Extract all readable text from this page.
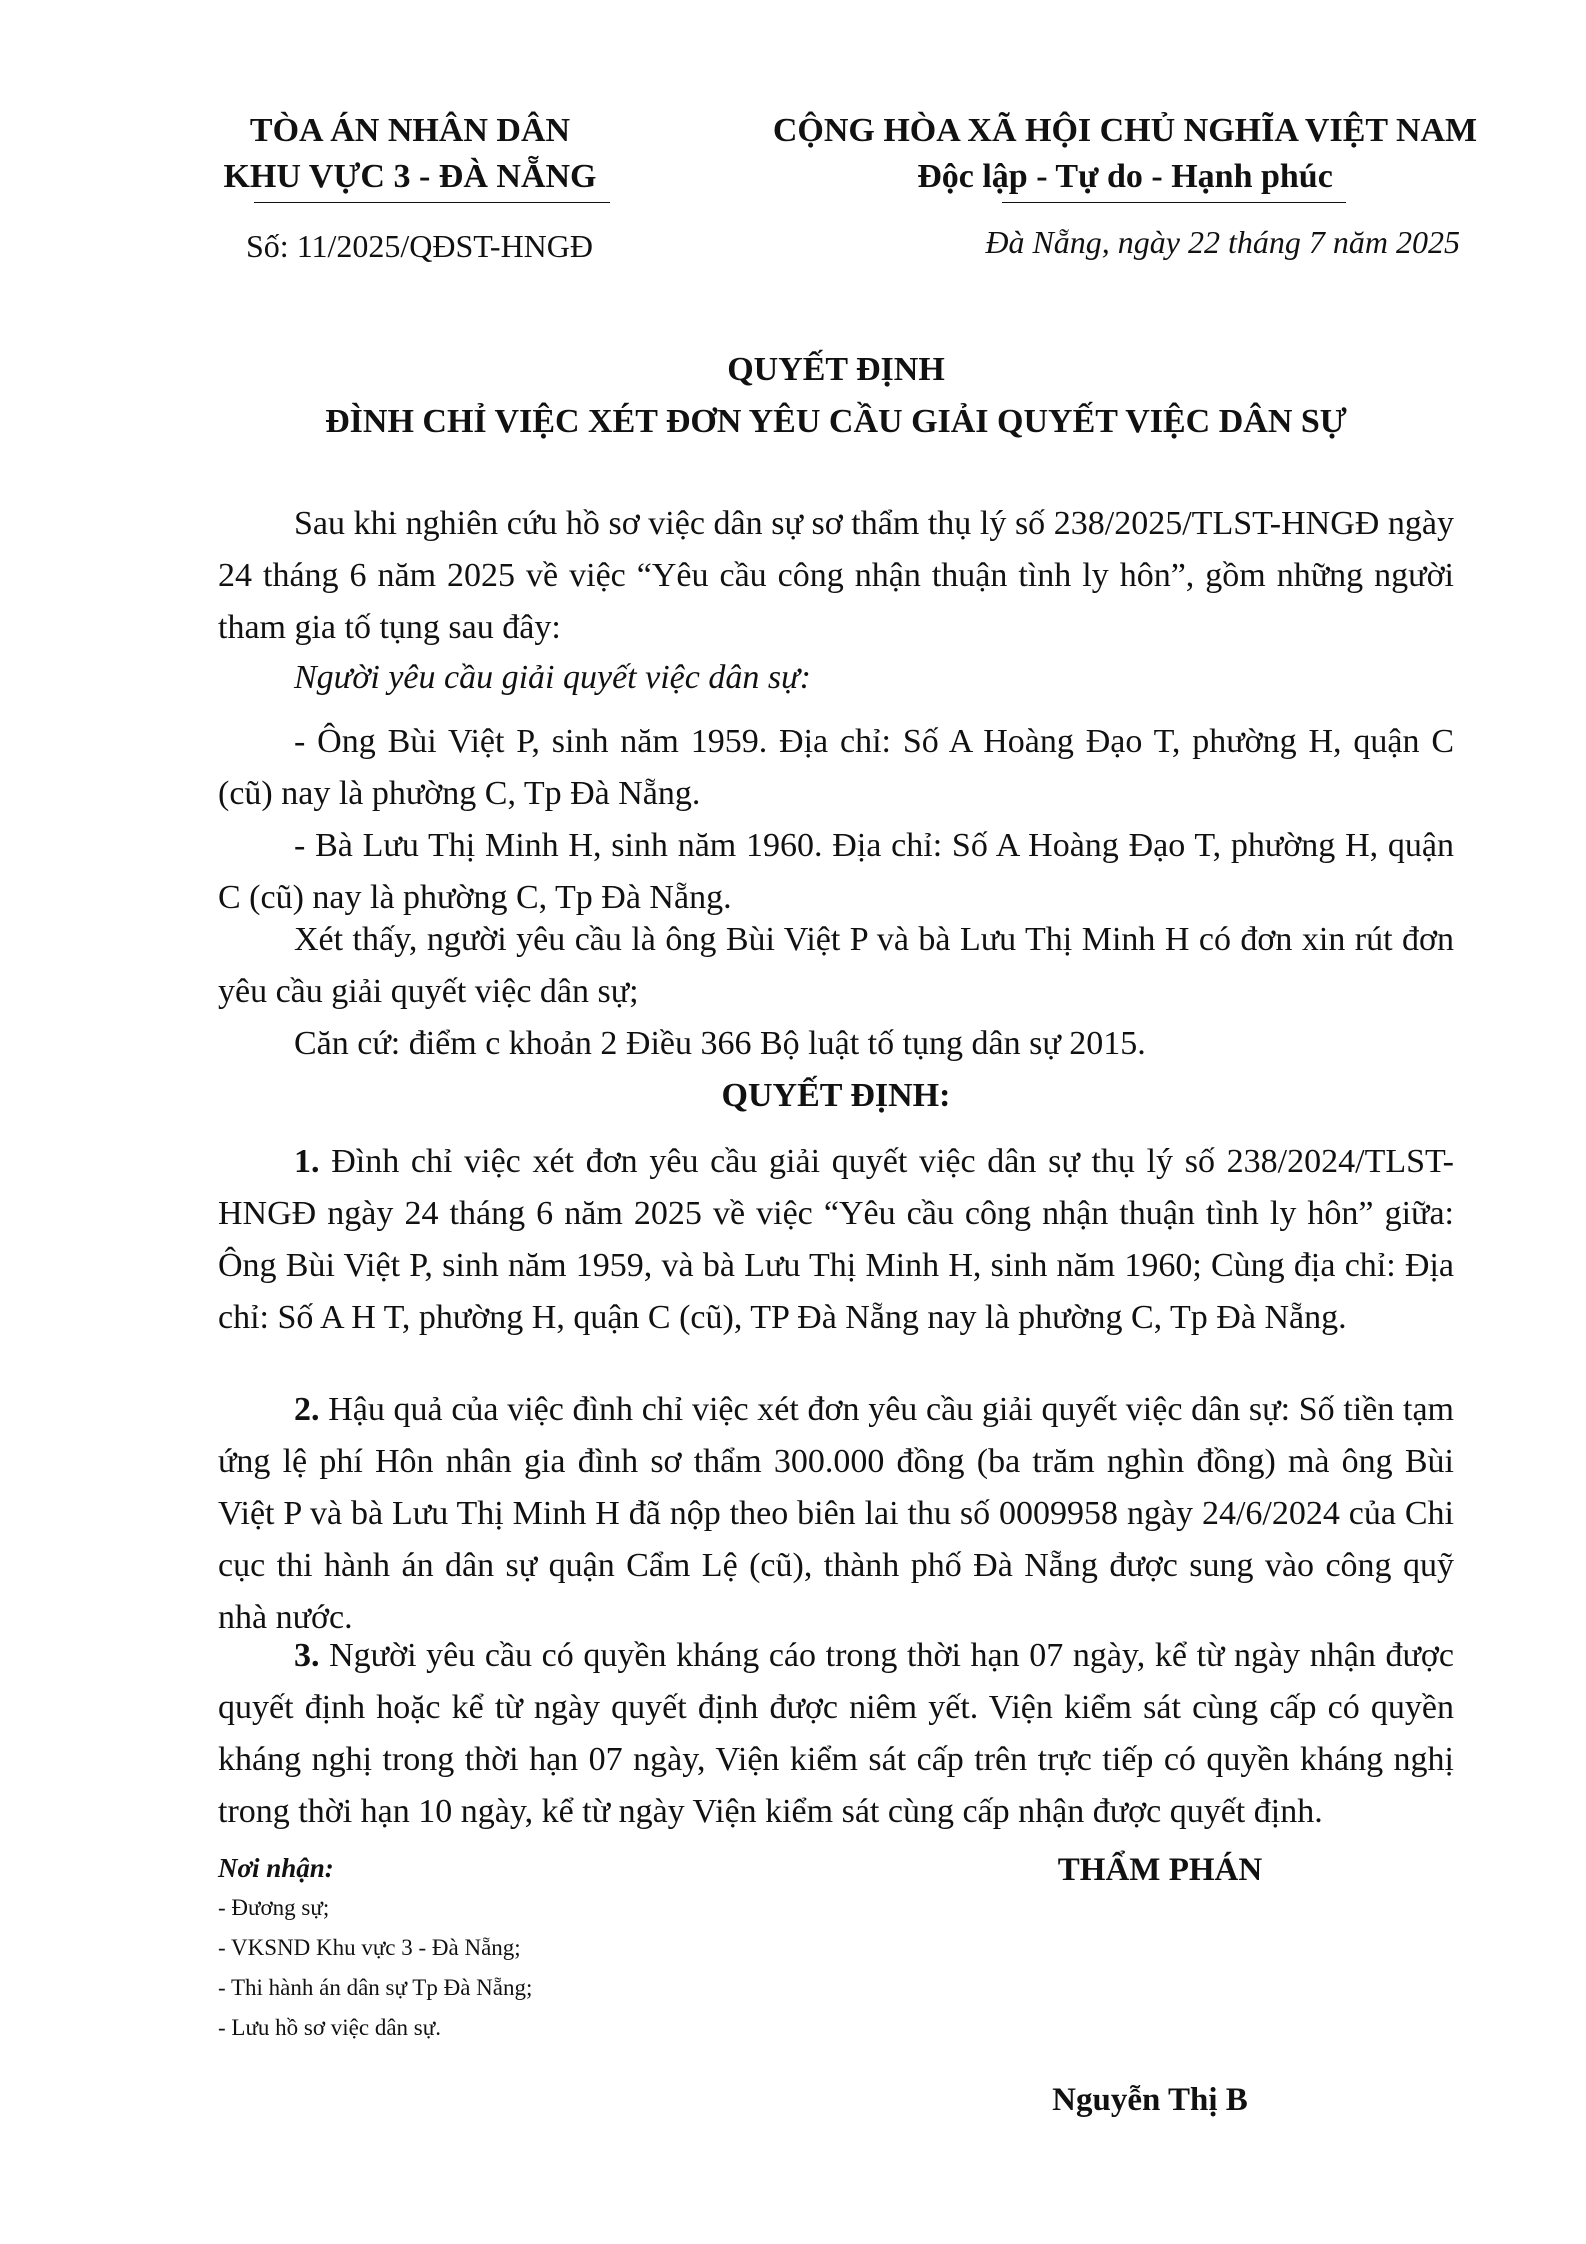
TÒA ÁN NHÂN DÂN
KHU VỰC 3 - ĐÀ NẴNG
CỘNG HÒA XÃ HỘI CHỦ NGHĨA VIỆT NAM
Độc lập - Tự do - Hạnh phúc
Số: 11/2025/QĐST-HNGĐ	Đà Nẵng, ngày 22 tháng 7 năm 2025
QUYẾT ĐỊNH
ĐÌNH CHỈ VIỆC XÉT ĐƠN YÊU CẦU GIẢI QUYẾT VIỆC DÂN SỰ
Sau khi nghiên cứu hồ sơ việc dân sự sơ thẩm thụ lý số 238/2025/TLST-HNGĐ ngày 24 tháng 6 năm 2025 về việc “Yêu cầu công nhận thuận tình ly hôn”, gồm những người tham gia tố tụng sau đây:
Người yêu cầu giải quyết việc dân sự:
- Ông Bùi Việt P, sinh năm 1959. Địa chỉ: Số A Hoàng Đạo T, phường H, quận C (cũ) nay là phường C, Tp Đà Nẵng.
- Bà Lưu Thị Minh H, sinh năm 1960. Địa chỉ: Số A Hoàng Đạo T, phường H, quận C (cũ) nay là phường C, Tp Đà Nẵng.
Xét thấy, người yêu cầu là ông Bùi Việt P và bà Lưu Thị Minh H có đơn xin rút đơn yêu cầu giải quyết việc dân sự;
Căn cứ: điểm c khoản 2 Điều 366 Bộ luật tố tụng dân sự 2015.
QUYẾT ĐỊNH:
1. Đình chỉ việc xét đơn yêu cầu giải quyết việc dân sự thụ lý số 238/2024/TLST-HNGĐ ngày 24 tháng 6 năm 2025 về việc “Yêu cầu công nhận thuận tình ly hôn” giữa: Ông Bùi Việt P, sinh năm 1959, và bà Lưu Thị Minh H, sinh năm 1960; Cùng địa chỉ: Địa chỉ: Số A H T, phường H, quận C (cũ), TP Đà Nẵng nay là phường C, Tp Đà Nẵng.
2. Hậu quả của việc đình chỉ việc xét đơn yêu cầu giải quyết việc dân sự: Số tiền tạm ứng lệ phí Hôn nhân gia đình sơ thẩm 300.000 đồng (ba trăm nghìn đồng) mà ông Bùi Việt P và bà Lưu Thị Minh H đã nộp theo biên lai thu số 0009958 ngày 24/6/2024 của Chi cục thi hành án dân sự quận Cẩm Lệ (cũ), thành phố Đà Nẵng được sung vào công quỹ nhà nước.
3. Người yêu cầu có quyền kháng cáo trong thời hạn 07 ngày, kể từ ngày nhận được quyết định hoặc kể từ ngày quyết định được niêm yết. Viện kiểm sát cùng cấp có quyền kháng nghị trong thời hạn 07 ngày, Viện kiểm sát cấp trên trực tiếp có quyền kháng nghị trong thời hạn 10 ngày, kể từ ngày Viện kiểm sát cùng cấp nhận được quyết định.
Nơi nhận:
- Đương sự;
- VKSND Khu vực 3 - Đà Nẵng;
- Thi hành án dân sự Tp Đà Nẵng;
- Lưu hồ sơ việc dân sự.
THẨM PHÁN
Nguyễn Thị B
